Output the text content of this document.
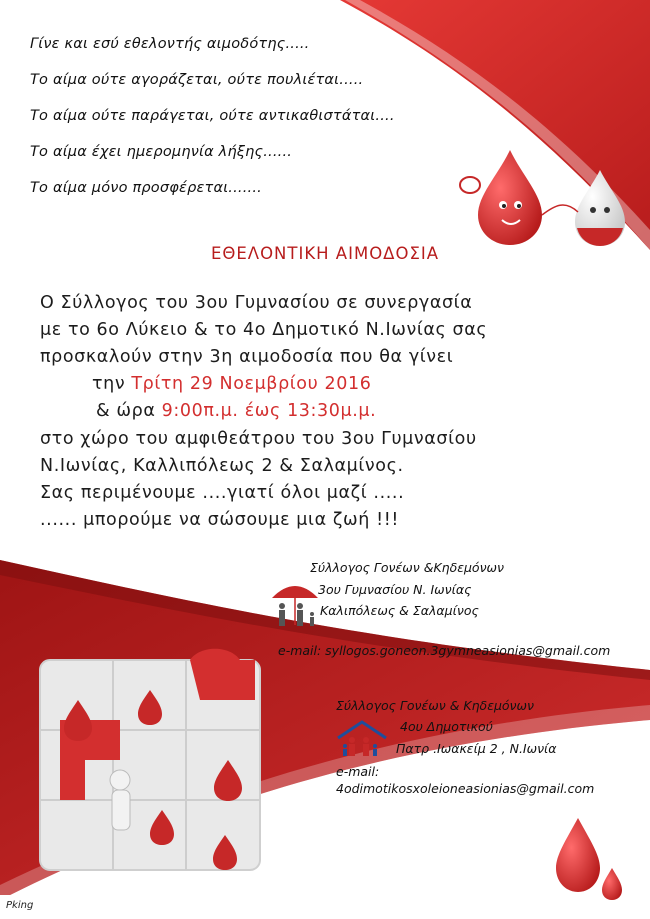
Γίνε και εσύ εθελοντής αιμοδότης.....
Το αίμα ούτε αγοράζεται, ούτε πουλιέται.....
Το αίμα ούτε παράγεται, ούτε αντικαθιστάται....
Το αίμα έχει ημερομηνία λήξης......
Το αίμα μόνο προσφέρεται.......
ΕΘΕΛΟΝΤΙΚΗ ΑΙΜΟΔΟΣΙΑ
Ο Σύλλογος του 3ου Γυμνασίου σε συνεργασία
με το 6ο Λύκειο & το 4ο Δημοτικό Ν.Ιωνίας σας
προσκαλούν στην 3η αιμοδοσία που θα γίνει
την Τρίτη 29 Νοεμβρίου 2016
& ώρα 9:00π.μ. έως 13:30μ.μ.
στο χώρο του αμφιθεάτρου του 3ου Γυμνασίου
Ν.Ιωνίας, Καλλιπόλεως 2 & Σαλαμίνος.
Σας περιμένουμε ....γιατί όλοι μαζί .....
...... μπορούμε να σώσουμε μια ζωή !!!
Σύλλογος Γονέων &Κηδεμόνων
3ου Γυμνασίου Ν. Ιωνίας
Καλιπόλεως & Σαλαμίνος
e-mail: syllogos.goneon.3gymneasionias@gmail.com
Σύλλογος Γονέων & Κηδεμόνων
4ου Δημοτικού
Πατρ .Ιωακείμ 2 , Ν.Ιωνία
e-mail:
4odimotikosxoleioneasionias@gmail.com
Pking
